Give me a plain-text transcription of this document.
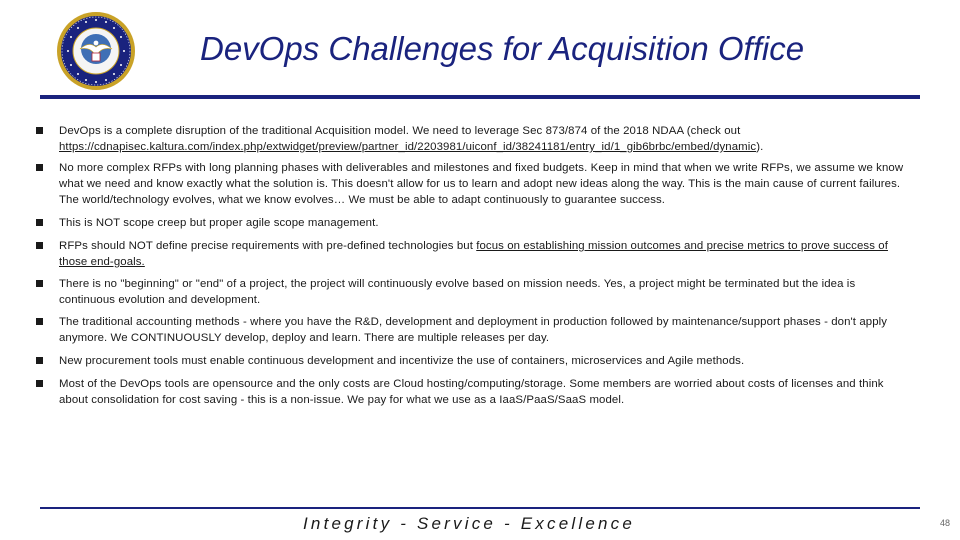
DevOps Challenges for Acquisition Office
DevOps is a complete disruption of the traditional Acquisition model. We need to leverage Sec 873/874 of the 2018 NDAA (check out https://cdnapisec.kaltura.com/index.php/extwidget/preview/partner_id/2203981/uiconf_id/38241181/entry_id/1_gib6brbc/embed/dynamic).
No more complex RFPs with long planning phases with deliverables and milestones and fixed budgets. Keep in mind that when we write RFPs, we assume we know what we need and know exactly what the solution is. This doesn't allow for us to learn and adopt new ideas along the way. This is the main cause of current failures. The world/technology evolves, what we know evolves… We must be able to adapt continuously to guarantee success.
This is NOT scope creep but proper agile scope management.
RFPs should NOT define precise requirements with pre-defined technologies but focus on establishing mission outcomes and precise metrics to prove success of those end-goals.
There is no "beginning" or "end" of a project, the project will continuously evolve based on mission needs. Yes, a project might be terminated but the idea is continuous evolution and development.
The traditional accounting methods - where you have the R&D, development and deployment in production followed by maintenance/support phases - don't apply anymore. We CONTINUOUSLY develop, deploy and learn. There are multiple releases per day.
New procurement tools must enable continuous development and incentivize the use of containers, microservices and Agile methods.
Most of the DevOps tools are opensource and the only costs are Cloud hosting/computing/storage. Some members are worried about costs of licenses and think about consolidation for cost saving - this is a non-issue. We pay for what we use as a IaaS/PaaS/SaaS model.
Integrity - Service - Excellence	48
